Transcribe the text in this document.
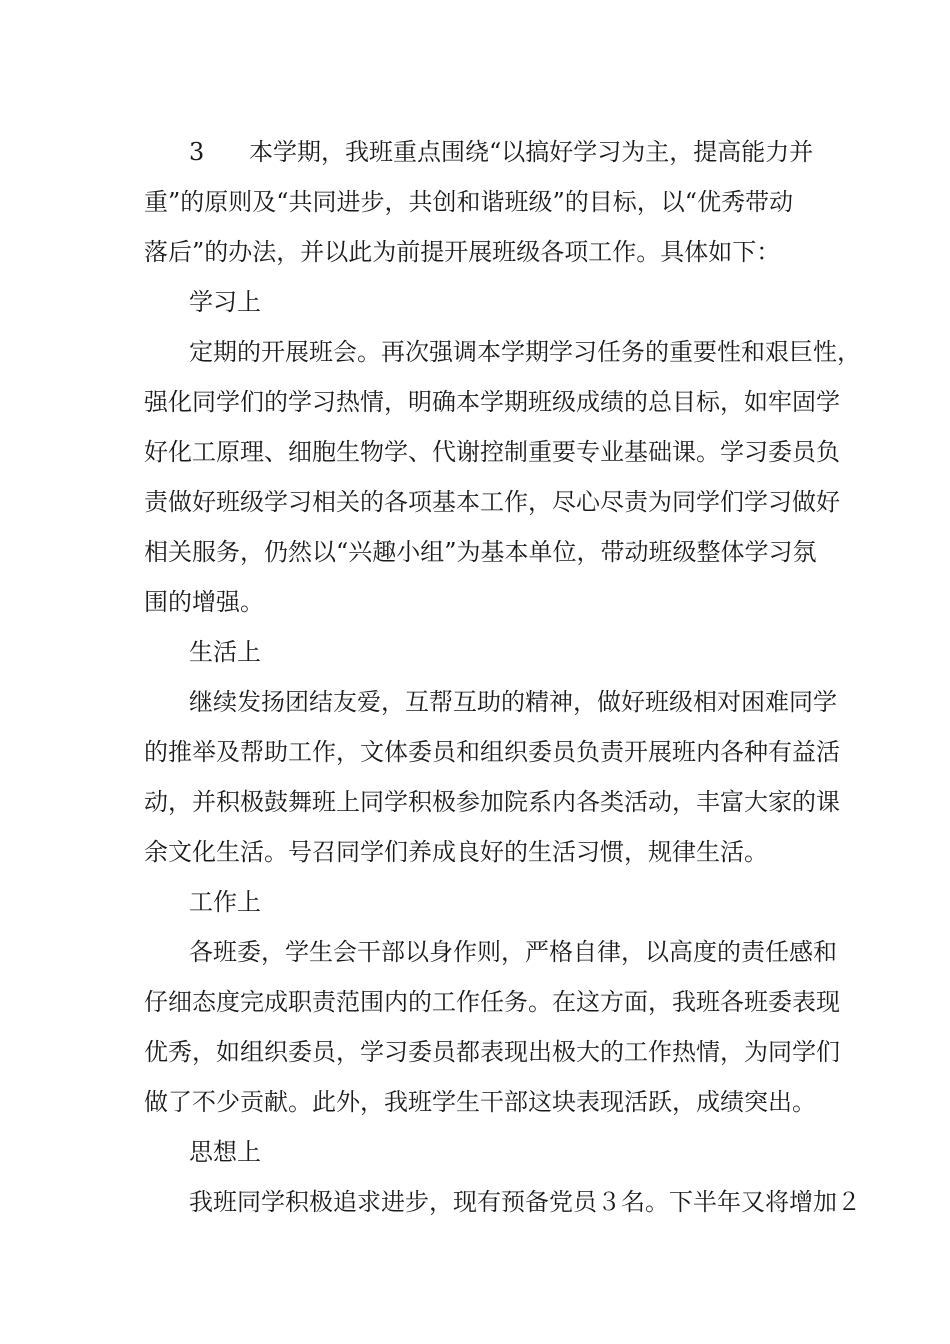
3 本学期，我班重点围绕“以搞好学习为主，提高能力并
重”的原则及“共同进步，共创和谐班级”的目标，以“优秀带动
落后”的办法，并以此为前提开展班级各项工作。具体如下：
学习上
定期的开展班会。再次强调本学期学习任务的重要性和艰巨性，
强化同学们的学习热情，明确本学期班级成绩的总目标，如牢固学
好化工原理、细胞生物学、代谢控制重要专业基础课。学习委员负
责做好班级学习相关的各项基本工作，尽心尽责为同学们学习做好
相关服务，仍然以“兴趣小组”为基本单位，带动班级整体学习氛
围的增强。
生活上
继续发扬团结友爱，互帮互助的精神，做好班级相对困难同学
的推举及帮助工作，文体委员和组织委员负责开展班内各种有益活
动，并积极鼓舞班上同学积极参加院系内各类活动，丰富大家的课
余文化生活。号召同学们养成良好的生活习惯，规律生活。
工作上
各班委，学生会干部以身作则，严格自律，以高度的责任感和
仔细态度完成职责范围内的工作任务。在这方面，我班各班委表现
优秀，如组织委员，学习委员都表现出极大的工作热情，为同学们
做了不少贡献。此外，我班学生干部这块表现活跃，成绩突出。
思想上
我班同学积极追求进步，现有预备党员３名。下半年又将增加２
